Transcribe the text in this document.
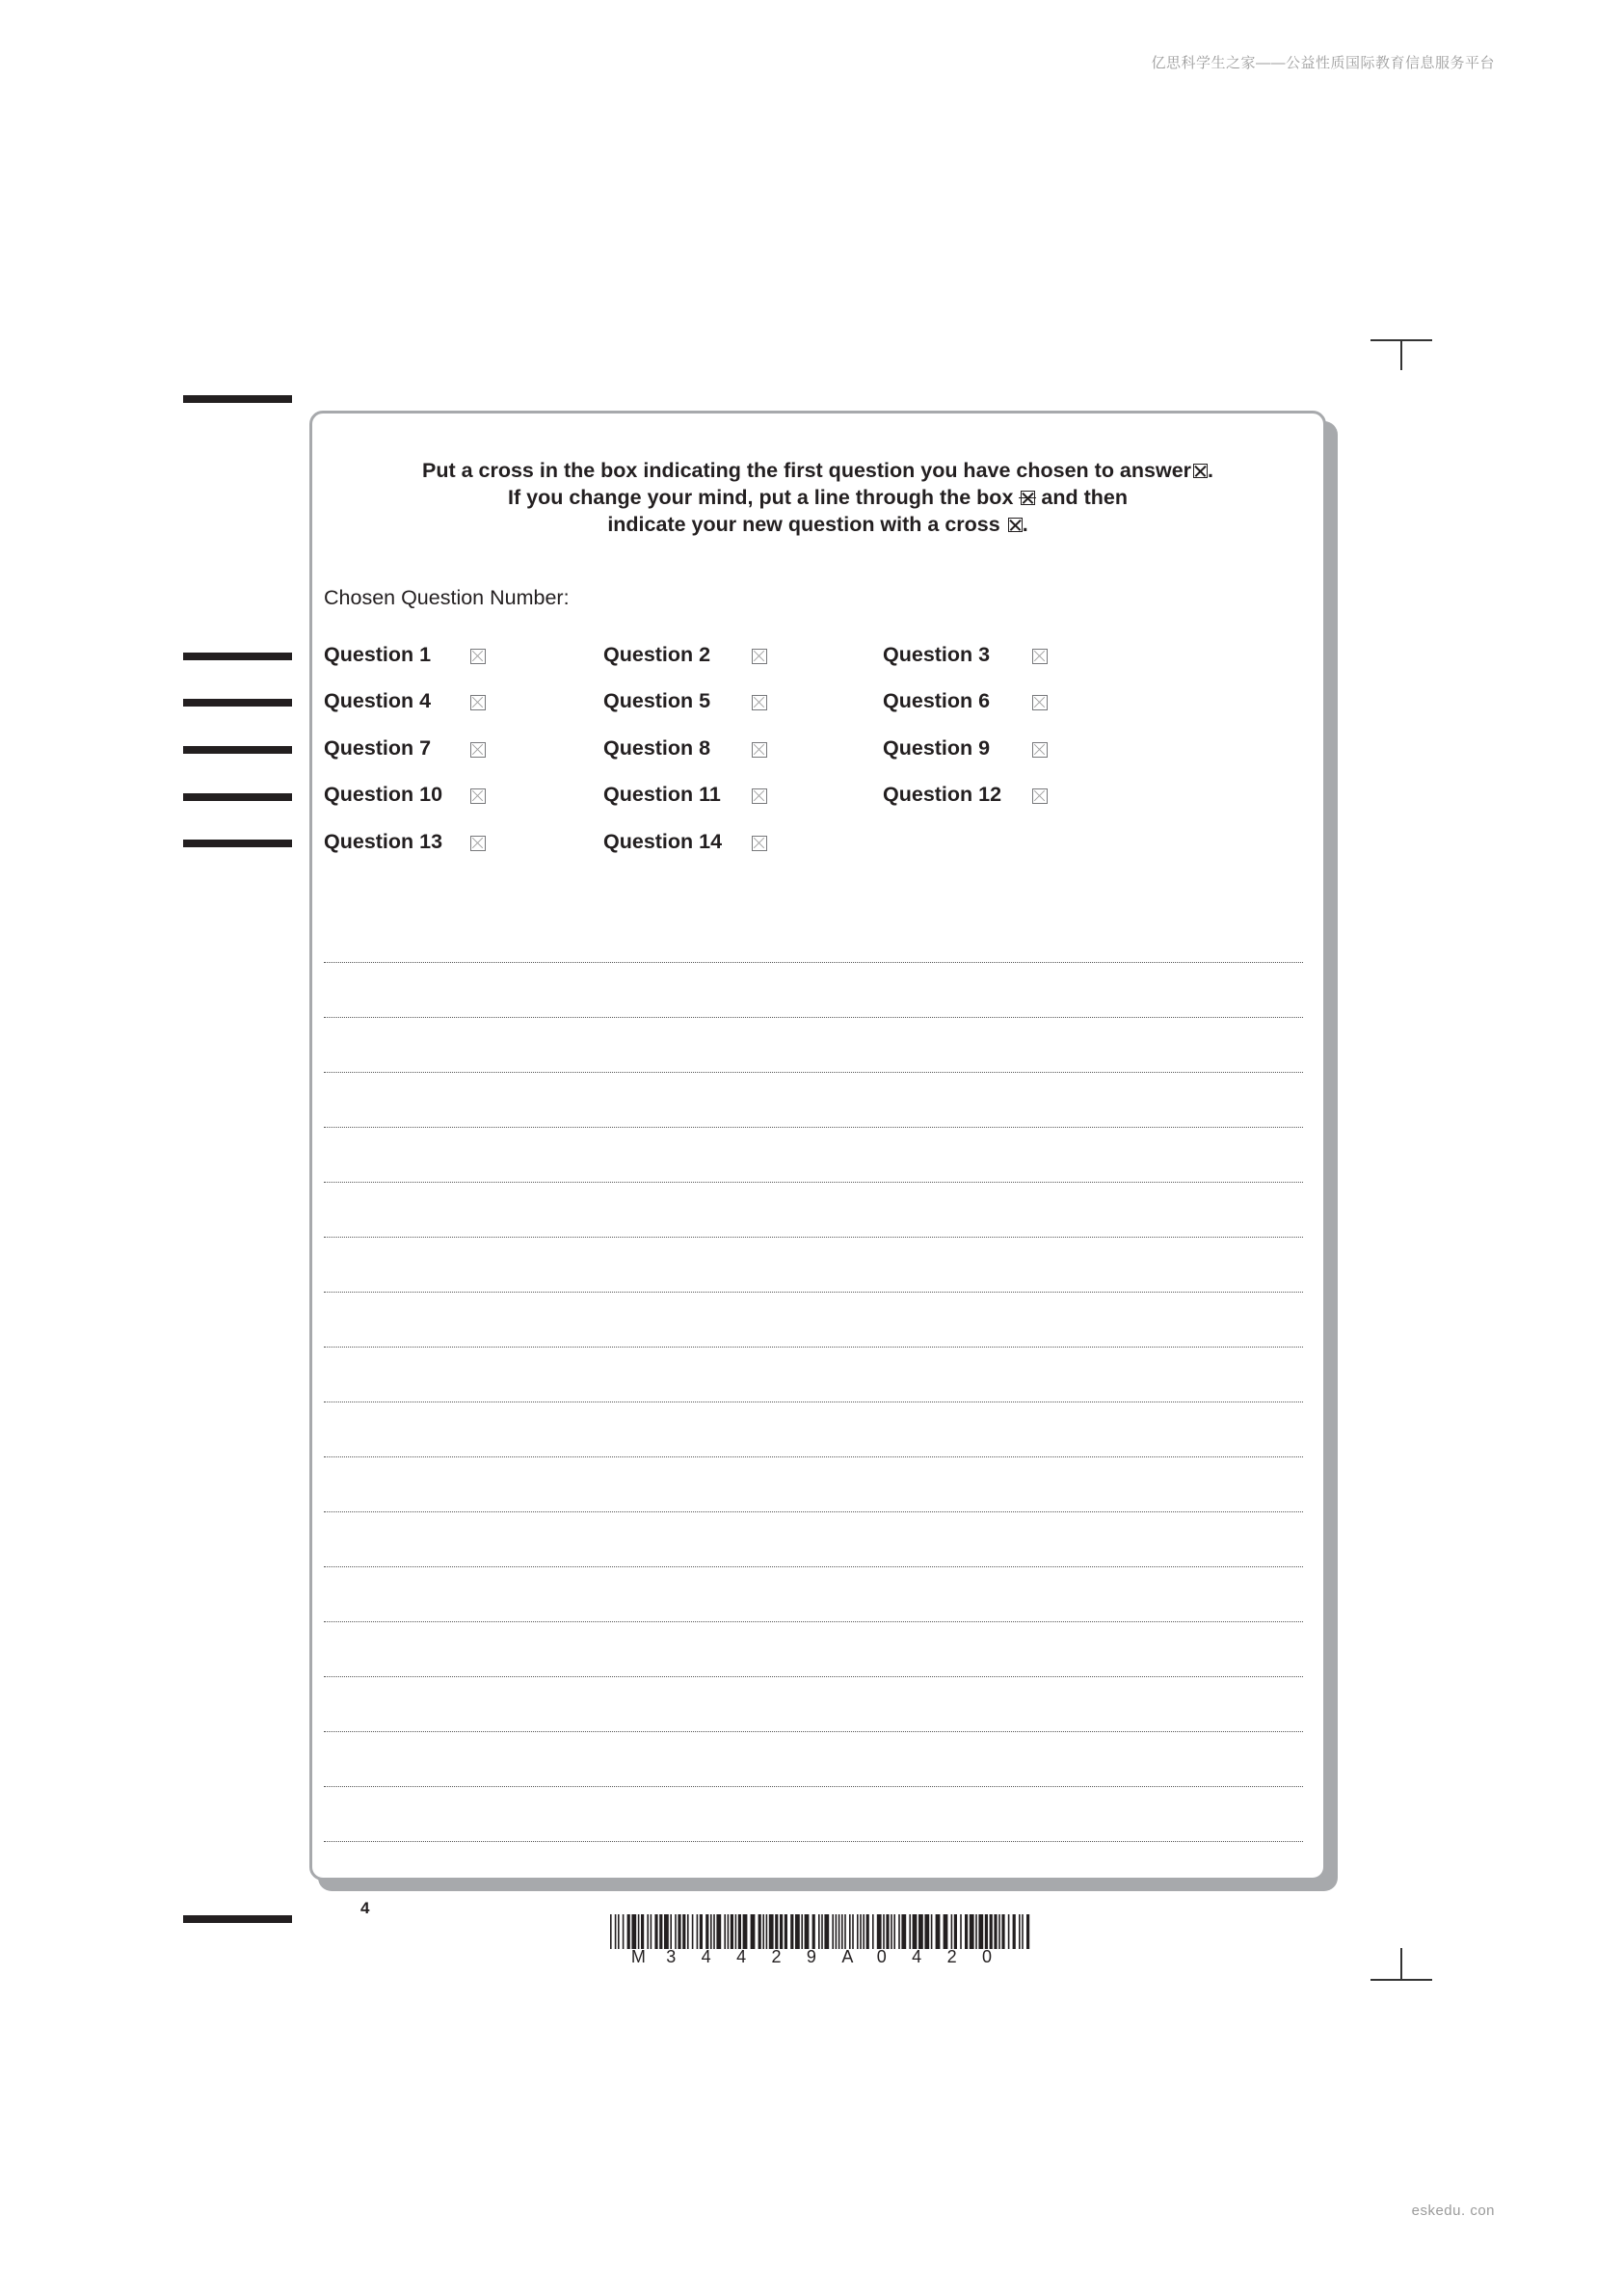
亿思科学生之家——公益性质国际教育信息服务平台
Put a cross in the box indicating the first question you have chosen to answer ☒.
If you change your mind, put a line through the box and then
indicate your new question with a cross ☒.
Chosen Question Number:
Question 1	Question 2	Question 3
Question 4	Question 5	Question 6
Question 7	Question 8	Question 9
Question 10	Question 11	Question 12
Question 13	Question 14
4
M 3 4 4 2 9 A 0 4 2 0
eskedu. con
